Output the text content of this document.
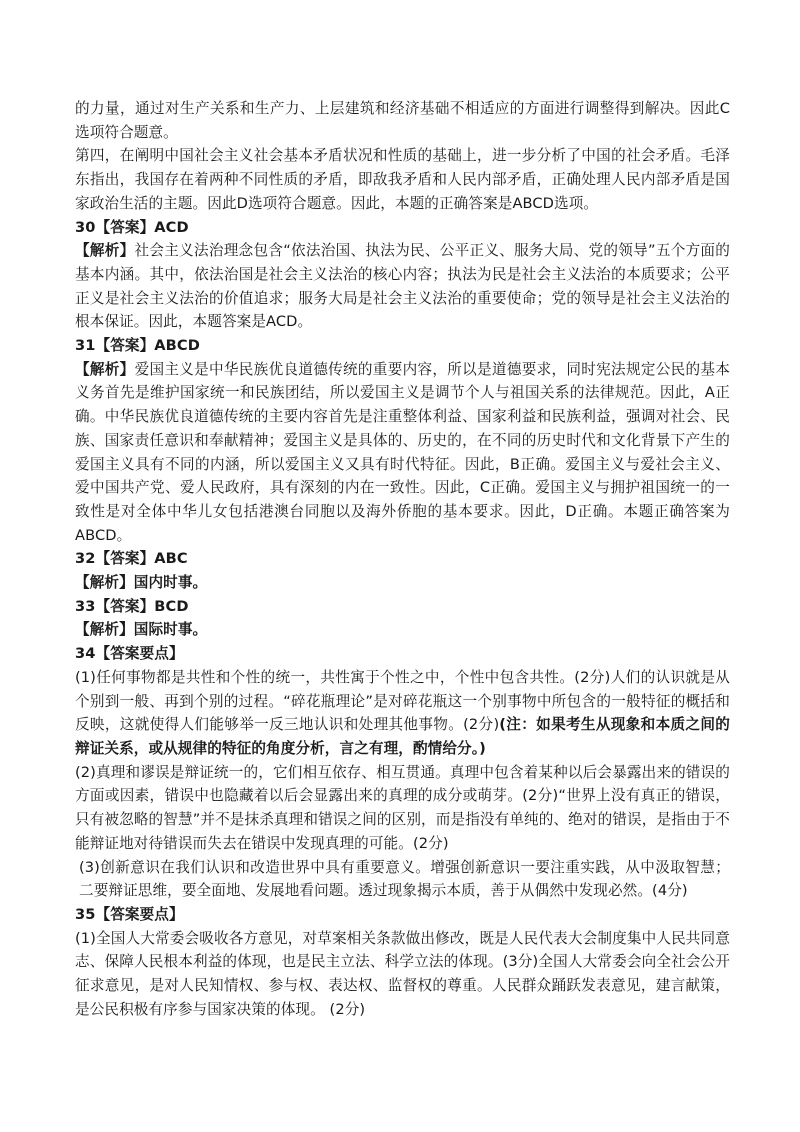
的力量，通过对生产关系和生产力、上层建筑和经济基础不相适应的方面进行调整得到解决。因此C选项符合题意。

第四，在阐明中国社会主义社会基本矛盾状况和性质的基础上，进一步分析了中国的社会矛盾。毛泽东指出，我国存在着两种不同性质的矛盾，即敌我矛盾和人民内部矛盾，正确处理人民内部矛盾是国家政治生活的主题。因此D选项符合题意。因此，本题的正确答案是ABCD选项。

30【答案】ACD

【解析】社会主义法治理念包含“依法治国、执法为民、公平正义、服务大局、党的领导”五个方面的基本内涵。其中，依法治国是社会主义法治的核心内容；执法为民是社会主义法治的本质要求；公平正义是社会主义法治的价值追求；服务大局是社会主义法治的重要使命；党的领导是社会主义法治的根本保证。因此，本题答案是ACD。

31【答案】ABCD

【解析】爱国主义是中华民族优良道德传统的重要内容，所以是道德要求，同时宪法规定公民的基本义务首先是维护国家统一和民族团结，所以爱国主义是调节个人与祖国关系的法律规范。因此，A正确。中华民族优良道德传统的主要内容首先是注重整体利益、国家利益和民族利益，强调对社会、民族、国家责任意识和奉献精神；爱国主义是具体的、历史的，在不同的历史时代和文化背景下产生的爱国主义具有不同的内涵，所以爱国主义又具有时代特征。因此，B正确。爱国主义与爱社会主义、爱中国共产党、爱人民政府，具有深刻的内在一致性。因此，C正确。爱国主义与拥护祖国统一的一致性是对全体中华儿女包括港澳台同胞以及海外侨胞的基本要求。因此，D正确。本题正确答案为ABCD。

32【答案】ABC

【解析】国内时事。

33【答案】BCD

【解析】国际时事。

34【答案要点】

(1)任何事物都是共性和个性的统一，共性寓于个性之中，个性中包含共性。(2分)人们的认识就是从个别到一般、再到个别的过程。“碎花瓶理论”是对碎花瓶这一个别事物中所包含的一般特征的概括和反映，这就使得人们能够举一反三地认识和处理其他事物。(2分)(注：如果考生从现象和本质之间的辩证关系，或从规律的特征的角度分析，言之有理，酌情给分。)

(2)真理和谬误是辩证统一的，它们相互依存、相互贯通。真理中包含着某种以后会暴露出来的错误的方面或因素，错误中也隐藏着以后会显露出来的真理的成分或萌芽。(2分)“世界上没有真正的错误，只有被忽略的智慧”并不是抹杀真理和错误之间的区别，而是指没有单纯的、绝对的错误，是指由于不能辩证地对待错误而失去在错误中发现真理的可能。(2分)

(3)创新意识在我们认识和改造世界中具有重要意义。增强创新意识一要注重实践，从中汲取智慧；二要辩证思维，要全面地、发展地看问题。透过现象揭示本质，善于从偶然中发现必然。(4分)

35【答案要点】

(1)全国人大常委会吸收各方意见，对草案相关条款做出修改，既是人民代表大会制度集中人民共同意志、保障人民根本利益的体现，也是民主立法、科学立法的体现。(3分)全国人大常委会向全社会公开征求意见，是对人民知情权、参与权、表达权、监督权的尊重。人民群众踊跃发表意见，建言献策，是公民积极有序参与国家决策的体现。 (2分)
